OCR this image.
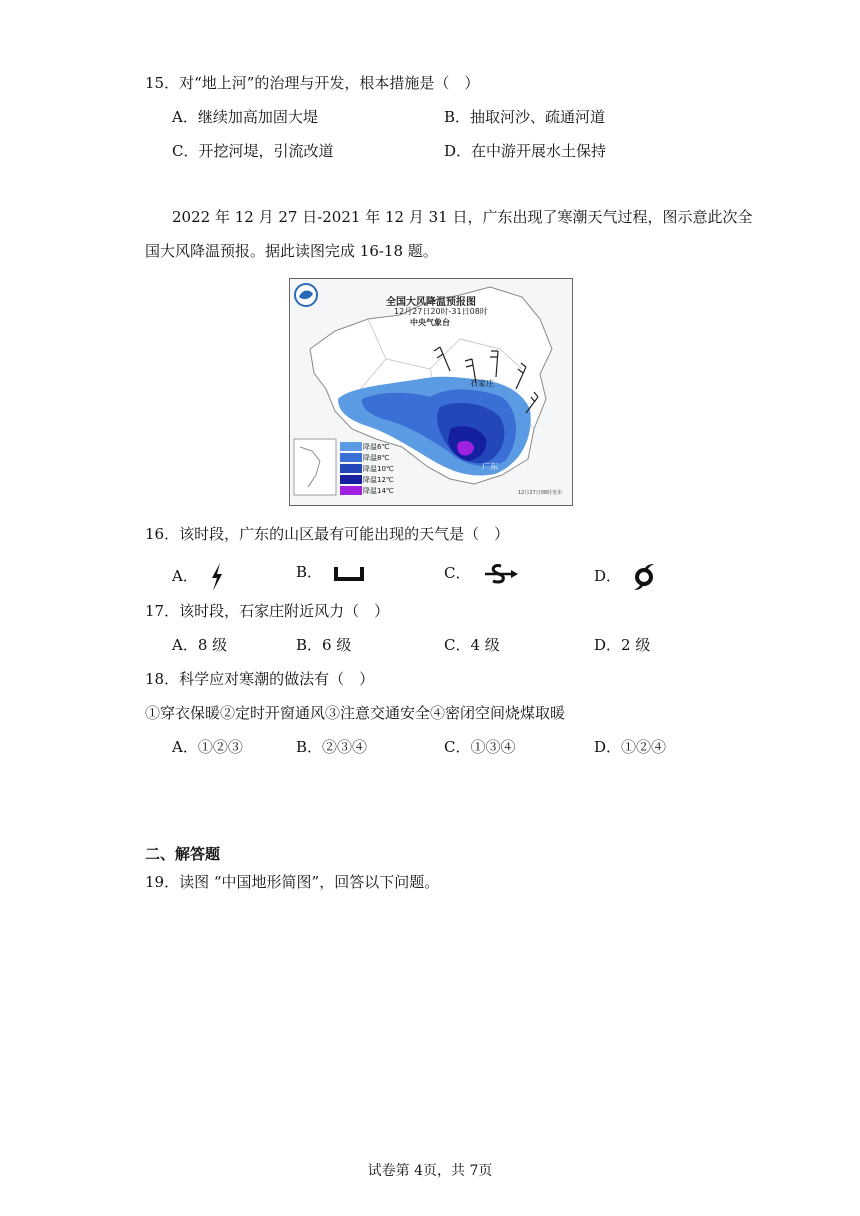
15．对“地上河”的治理与开发，根本措施是（　）
A．继续加高加固大堤	B．抽取河沙、疏通河道
C．开挖河堤，引流改道	D．在中游开展水土保持
2022 年 12 月 27 日-2021 年 12 月 31 日，广东出现了寒潮天气过程，图示意此次全
国大风降温预报。据此读图完成 16-18 题。
全国大风降温预报图
12月27日20时-31日08时
中央气象台
石家庄
广东
12月27日08时发布
降温6℃
降温8℃
降温10℃
降温12℃
降温14℃
16．该时段，广东的山区最有可能出现的天气是（　）
A．	B．	C．	D．
17．该时段，石家庄附近风力（　）
A．8 级	B．6 级	C．4 级	D．2 级
18．科学应对寒潮的做法有（　）
①穿衣保暖②定时开窗通风③注意交通安全④密闭空间烧煤取暖
A．①②③	B．②③④	C．①③④	D．①②④
二、解答题
19．读图 “中国地形简图”，回答以下问题。
试卷第 4页，共 7页
